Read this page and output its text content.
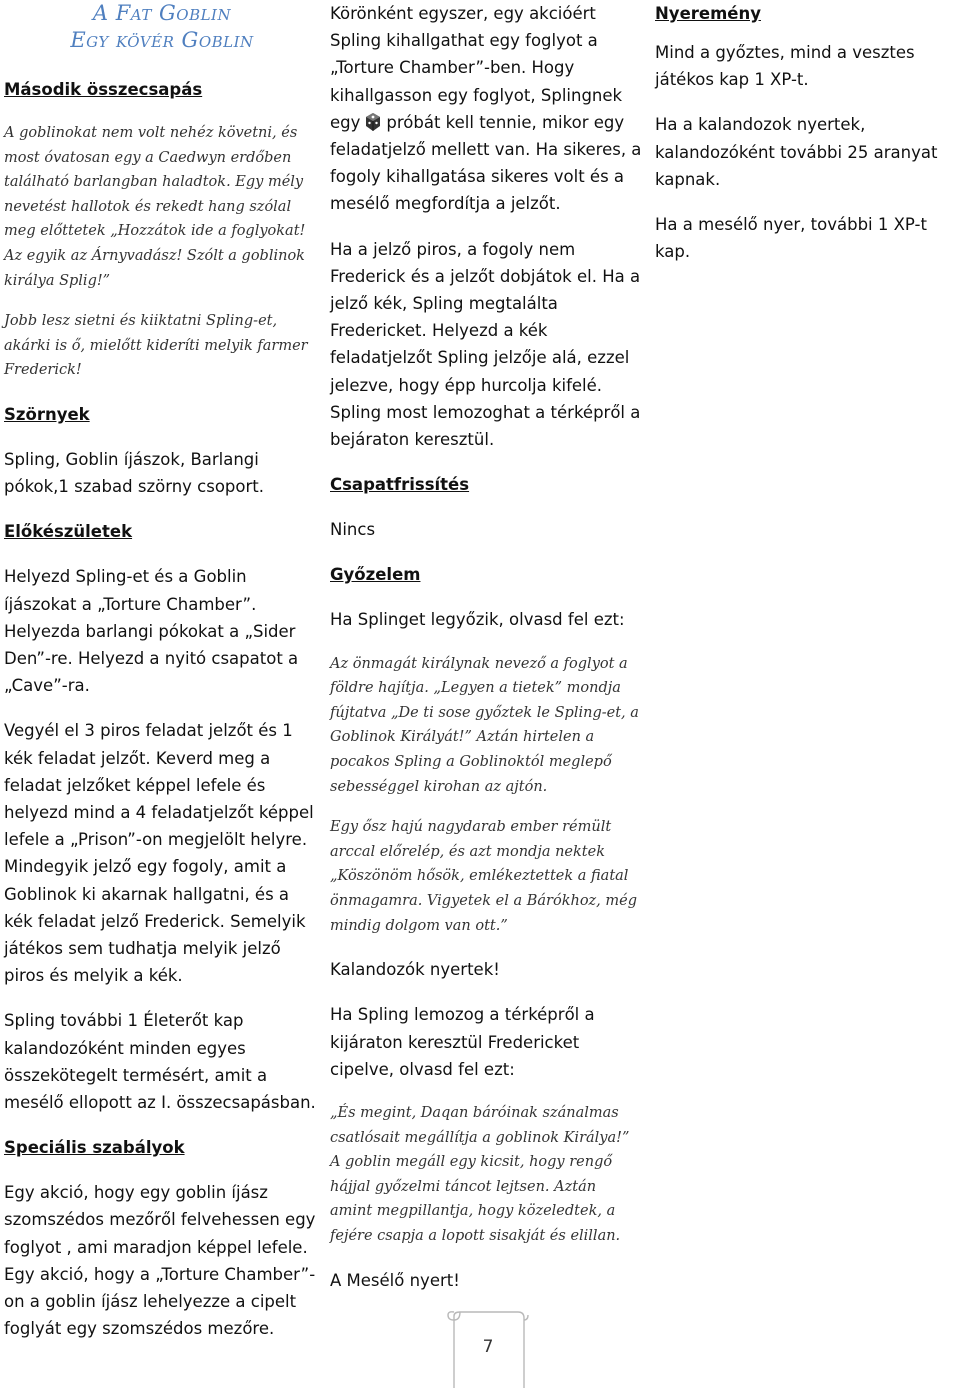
A Fat Goblin

Egy kövér Goblin

Második összecsapás

A goblinokat nem volt nehéz követni, és most óvatosan egy a Caedwyn erdőben található barlangban haladtok. Egy mély nevetést hallotok és rekedt hang szólal meg előttetek „Hozzátok ide a foglyokat! Az egyik az Árnyvadász! Szólt a goblinok királya Splig!”

Jobb lesz sietni és kiiktatni Spling-et, akárki is ő, mielőtt kideríti melyik farmer Frederick!

Szörnyek

Spling, Goblin íjászok, Barlangi pókok,1 szabad szörny csoport.

Előkészületek

Helyezd Spling-et és a Goblin íjászokat a „Torture Chamber”. Helyezda barlangi pókokat a „Sider Den”-re. Helyezd a nyitó csapatot a „Cave”-ra.

Vegyél el 3 piros feladat jelzőt és 1 kék feladat jelzőt. Keverd meg a feladat jelzőket képpel lefele és helyezd mind a 4 feladatjelzőt képpel lefele a „Prison”-on megjelölt helyre. Mindegyik jelző egy fogoly, amit a Goblinok ki akarnak hallgatni, és a kék feladat jelző Frederick. Semelyik játékos sem tudhatja melyik jelző piros és melyik a kék.

Spling további 1 Életerőt kap kalandozóként minden egyes összekötegelt termésért, amit a mesélő ellopott az I. összecsapásban.

Speciális szabályok

Egy akció, hogy egy goblin íjász szomszédos mezőről felvehessen egy foglyot , ami maradjon képpel lefele. Egy akció, hogy a „Torture Chamber”-on a goblin íjász lehelyezze a cipelt foglyát egy szomszédos mezőre.

Körönként egyszer, egy akcióért Spling kihallgathat egy foglyot a „Torture Chamber”-ben. Hogy kihallgasson egy foglyot, Splingnek egy próbát kell tennie, mikor egy feladatjelző mellett van. Ha sikeres, a fogoly kihallgatása sikeres volt és a mesélő megfordítja a jelzőt.

Ha a jelző piros, a fogoly nem Frederick és a jelzőt dobjátok el. Ha a jelző kék, Spling megtalálta Fredericket. Helyezd a kék feladatjelzőt Spling jelzője alá, ezzel jelezve, hogy épp hurcolja kifelé. Spling most lemozoghat a térképről a bejáraton keresztül.

Csapatfrissítés

Nincs

Győzelem

Ha Splinget legyőzik, olvasd fel ezt:

Az önmagát királynak nevező a foglyot a földre hajítja. „Legyen a tietek” mondja fújtatva „De ti sose győztek le Spling-et, a Goblinok Királyát!” Aztán hirtelen a pocakos Spling a Goblinoktól meglepő sebességgel kirohan az ajtón.

Egy ősz hajú nagydarab ember rémült arccal előrelép, és azt mondja nektek „Köszönöm hősök, emlékeztettek a fiatal önmagamra. Vigyetek el a Bárókhoz, még mindig dolgom van ott.”

Kalandozók nyertek!

Ha Spling lemozog a térképről a kijáraton keresztül Fredericket cipelve, olvasd fel ezt:

„És megint, Daqan báróinak szánalmas csatlósait megállítja a goblinok Királya!” A goblin megáll egy kicsit, hogy rengő hájjal győzelmi táncot lejtsen. Aztán amint megpillantja, hogy közeledtek, a fejére csapja a lopott sisakját és elillan.

A Mesélő nyert!

Nyeremény

Mind a győztes, mind a vesztes játékos kap 1 XP-t.

Ha a kalandozok nyertek, kalandozóként további 25 aranyat kapnak.

Ha a mesélő nyer, további 1 XP-t kap.

7
